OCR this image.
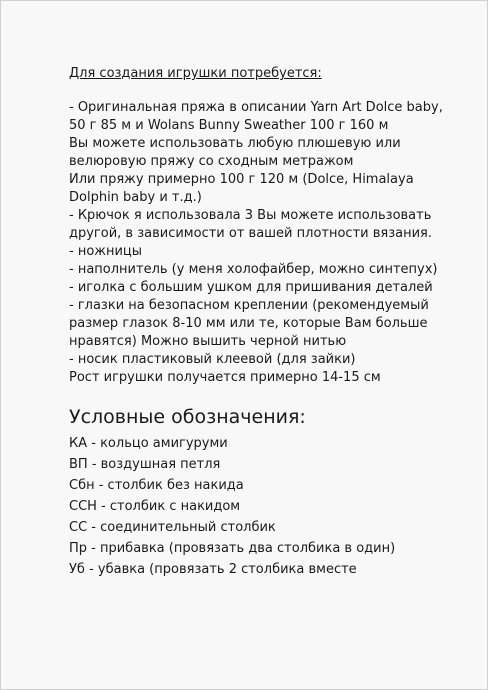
Для создания игрушки потребуется:
- Оригинальная пряжа в описании Yarn Art Dolce baby,
50 г 85 м и Wolans Bunny Sweather 100 г 160 м
Вы можете использовать любую плюшевую или
велюровую пряжу со сходным метражом
Или пряжу примерно 100 г 120 м (Dolce, Himalaya
Dolphin baby и т.д.)
- Крючок я использовала 3 Вы можете использовать
другой, в зависимости от вашей плотности вязания.
- ножницы
- наполнитель (у меня холофайбер, можно синтепух)
- иголка с большим ушком для пришивания деталей
- глазки на безопасном креплении (рекомендуемый
размер глазок 8-10 мм или те, которые Вам больше
нравятся) Можно вышить черной нитью
- носик пластиковый клеевой (для зайки)
Рост игрушки получается примерно 14-15 см
Условные обозначения:
КА - кольцо амигуруми
ВП - воздушная петля
Сбн - столбик без накида
ССН - столбик с накидом
СС - соединительный столбик
Пр - прибавка (провязать два столбика в один)
Уб - убавка (провязать 2 столбика вместе
